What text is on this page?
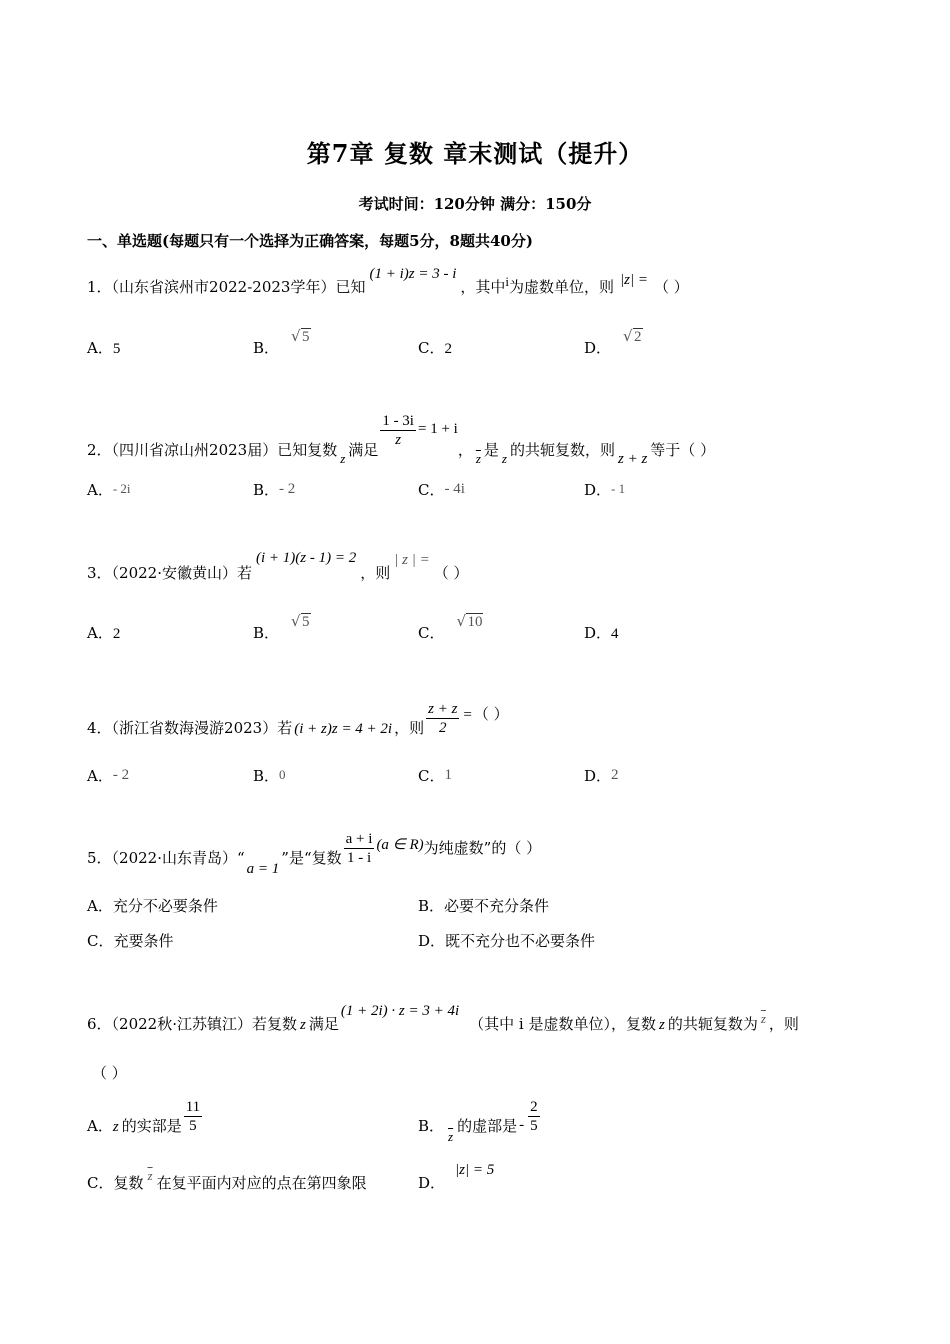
第7章 复数 章末测试（提升）
考试时间：120分钟 满分：150分
一、单选题(每题只有一个选择为正确答案，每题5分，8题共40分)
1．（山东省滨州市2022-2023学年）已知(1 + i)z = 3 - i，其中i为虚数单位，则 |z| = （ ）
A．5	B．
√ 5
C．2	D．
√ 2
2．（四川省凉山州2023届）已知复数 z 满足
$\frac{1 - 3i}{z} = 1 + i$， $\overline{z}$ 是 z 的共轭复数，则 z + z 等于（ ）
A．- 2i	B．- 2	C．- 4i	D．- 1
3．（2022·安徽黄山）若(i + 1)(z - 1) = 2，则| z | =（ ）
A．2	B．
√ 5
C．
√ 10
D．4
4．（浙江省数海漫游2023）若 (i + z)z = 4 + 2i ，则 $\frac{z + z}{2}$ = （ ）
A．- 2	B．0	C．1	D．2
5．（2022·山东青岛）“a = 1”是“复数 $\frac{a + i}{1 - i} (a$ ∈ R)为纯虚数”的（ ）
A．充分不必要条件	B．必要不充分条件
C．充要条件	D．既不充分也不必要条件
6．（2022秋·江苏镇江）若复数 z 满足(1 + 2i) · z = 3 + 4i（其中 i 是虚数单位），复数 z 的共轭复数为 $\overline{z}$ ，则
（ ）
A．z 的实部是 $\frac{11}{5}$	B．$\overline{z}$的虚部是 - $\frac{2}{5}$
C．复数 $\overline{z}$ 在复平面内对应的点在第四象限	D．|z| = 5
